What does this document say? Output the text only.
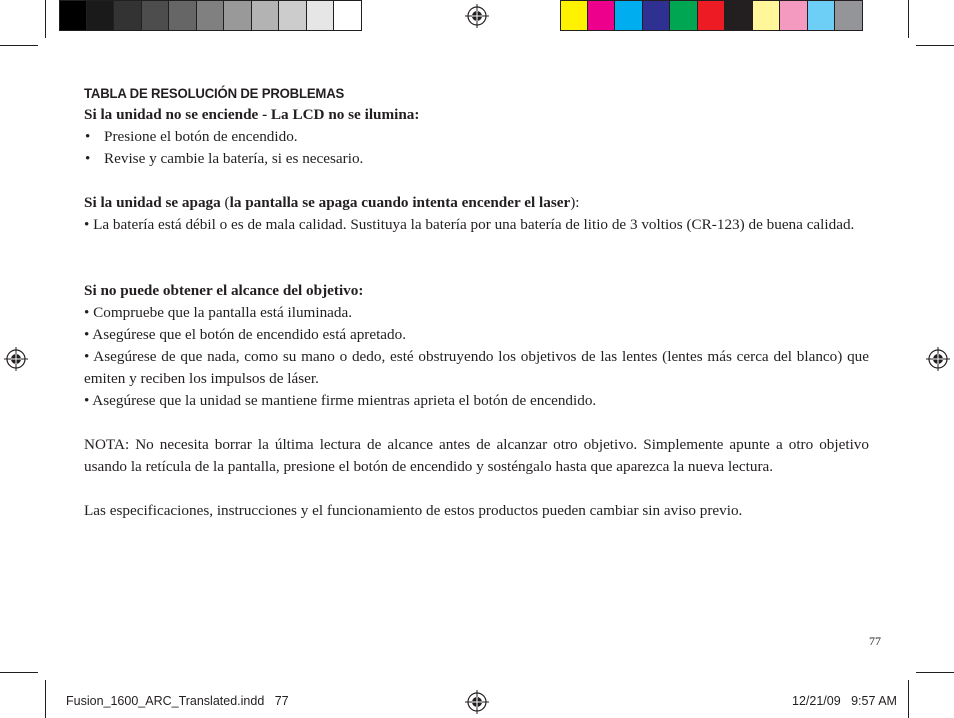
TABLA DE RESOLUCIÓN DE PROBLEMAS

Si la unidad no se enciende - La LCD no se ilumina:

• Presione el botón de encendido.
• Revise y cambie la batería, si es necesario.

Si la unidad se apaga (la pantalla se apaga cuando intenta encender el laser):

• La batería está débil o es de mala calidad. Sustituya la batería por una batería de litio de 3 voltios (CR-123) de buena calidad.

Si no puede obtener el alcance del objetivo:

• Compruebe que la pantalla está iluminada.

• Asegúrese que el botón de encendido está apretado.

• Asegúrese de que nada, como su mano o dedo, esté obstruyendo los objetivos de las lentes (lentes más cerca del blanco) que emiten y reciben los impulsos de láser.

• Asegúrese que la unidad se mantiene firme mientras aprieta el botón de encendido.

NOTA: No necesita borrar la última lectura de alcance antes de alcanzar otro objetivo. Simplemente apunte a otro objetivo usando la retícula de la pantalla, presione el botón de encendido y sosténgalo hasta que aparezca la nueva lectura.

Las especificaciones, instrucciones y el funcionamiento de estos productos pueden cambiar sin aviso previo.

77
Fusion_1600_ARC_Translated.indd   77	12/21/09   9:57 AM
